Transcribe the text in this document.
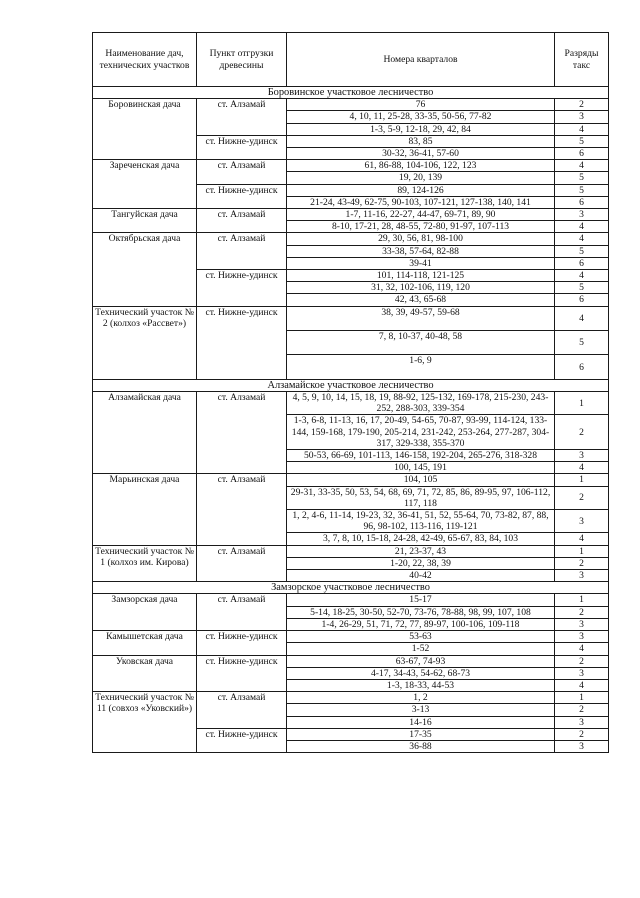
Наименование дач, технических участков	Пункт отгрузки древесины	Номера кварталов	Разряды такс
Боровинское участковое лесничество			
Боровинская дача	ст. Алзамай	76	2
		4, 10, 11, 25-28, 33-35, 50-56, 77-82	3
		1-3, 5-9, 12-18, 29, 42, 84	4
	ст. Нижне-удинск	83, 85	5
		30-32, 36-41, 57-60	6
Зареченская дача	ст. Алзамай	61, 86-88, 104-106, 122, 123	4
		19, 20, 139	5
	ст. Нижне-удинск	89, 124-126	5
		21-24, 43-49, 62-75, 90-103, 107-121, 127-138, 140, 141	6
Тангуйская дача	ст. Алзамай	1-7, 11-16, 22-27, 44-47, 69-71, 89, 90	3
		8-10, 17-21, 28, 48-55, 72-80, 91-97, 107-113	4
Октябрьская дача	ст. Алзамай	29, 30, 56, 81, 98-100	4
		33-38, 57-64, 82-88	5
		39-41	6
	ст. Нижне-удинск	101, 114-118, 121-125	4
		31, 32, 102-106, 119, 120	5
		42, 43, 65-68	6
Технический участок № 2 (колхоз «Рассвет»)	ст. Нижне-удинск	38, 39, 49-57, 59-68	4
		7, 8, 10-37, 40-48, 58	5
		1-6, 9	6
Алзамайское участковое лесничество			
Алзамайская дача	ст. Алзамай	4, 5, 9, 10, 14, 15, 18, 19, 88-92, 125-132, 169-178, 215-230, 243-252, 288-303, 339-354	1
		1-3, 6-8, 11-13, 16, 17, 20-49, 54-65, 70-87, 93-99, 114-124, 133-144, 159-168, 179-190, 205-214, 231-242, 253-264, 277-287, 304-317, 329-338, 355-370	2
		50-53, 66-69, 101-113, 146-158, 192-204, 265-276, 318-328	3
		100, 145, 191	4
Марьинская дача	ст. Алзамай	104, 105	1
		29-31, 33-35, 50, 53, 54, 68, 69, 71, 72, 85, 86, 89-95, 97, 106-112, 117, 118	2
		1, 2, 4-6, 11-14, 19-23, 32, 36-41, 51, 52, 55-64, 70, 73-82, 87, 88, 96, 98-102, 113-116, 119-121	3
		3, 7, 8, 10, 15-18, 24-28, 42-49, 65-67, 83, 84, 103	4
Технический участок № 1 (колхоз им. Кирова)	ст. Алзамай	21, 23-37, 43	1
		1-20, 22, 38, 39	2
		40-42	3
Замзорское участковое лесничество			
Замзорская дача	ст. Алзамай	15-17	1
		5-14, 18-25, 30-50, 52-70, 73-76, 78-88, 98, 99, 107, 108	2
		1-4, 26-29, 51, 71, 72, 77, 89-97, 100-106, 109-118	3
Камышетская дача	ст. Нижне-удинск	53-63	3
		1-52	4
Уковская дача	ст. Нижне-удинск	63-67, 74-93	2
		4-17, 34-43, 54-62, 68-73	3
		1-3, 18-33, 44-53	4
Технический участок № 11 (совхоз «Уковский»)	ст. Алзамай	1, 2	1
		3-13	2
		14-16	3
	ст. Нижне-удинск	17-35	2
		36-88	3
